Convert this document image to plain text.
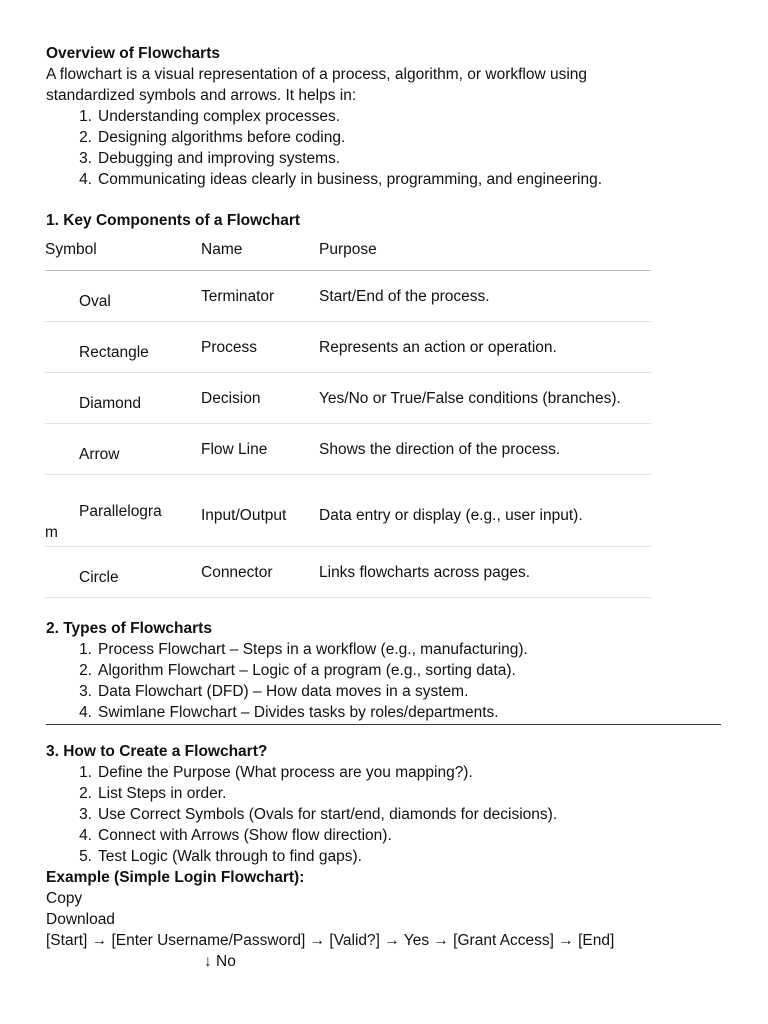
Overview of Flowcharts

A flowchart is a visual representation of a process, algorithm, or workflow using

standardized symbols and arrows. It helps in:

1. Understanding complex processes.
2. Designing algorithms before coding.
3. Debugging and improving systems.
4. Communicating ideas clearly in business, programming, and engineering.

1. Key Components of a Flowchart

Symbol	Name	Purpose
Oval	Terminator	Start/End of the process.
Rectangle	Process	Represents an action or operation.
Diamond	Decision	Yes/No or True/False conditions (branches).
Arrow	Flow Line	Shows the direction of the process.
Parallelogra
m	Input/Output	Data entry or display (e.g., user input).
Circle	Connector	Links flowcharts across pages.

2. Types of Flowcharts

1. Process Flowchart – Steps in a workflow (e.g., manufacturing).
2. Algorithm Flowchart – Logic of a program (e.g., sorting data).
3. Data Flowchart (DFD) – How data moves in a system.
4. Swimlane Flowchart – Divides tasks by roles/departments.

3. How to Create a Flowchart?

1. Define the Purpose (What process are you mapping?).
2. List Steps in order.
3. Use Correct Symbols (Ovals for start/end, diamonds for decisions).
4. Connect with Arrows (Show flow direction).
5. Test Logic (Walk through to find gaps).

Example (Simple Login Flowchart):

Copy

Download

[Start] → [Enter Username/Password] → [Valid?] → Yes → [Grant Access] → [End]

↓ No
